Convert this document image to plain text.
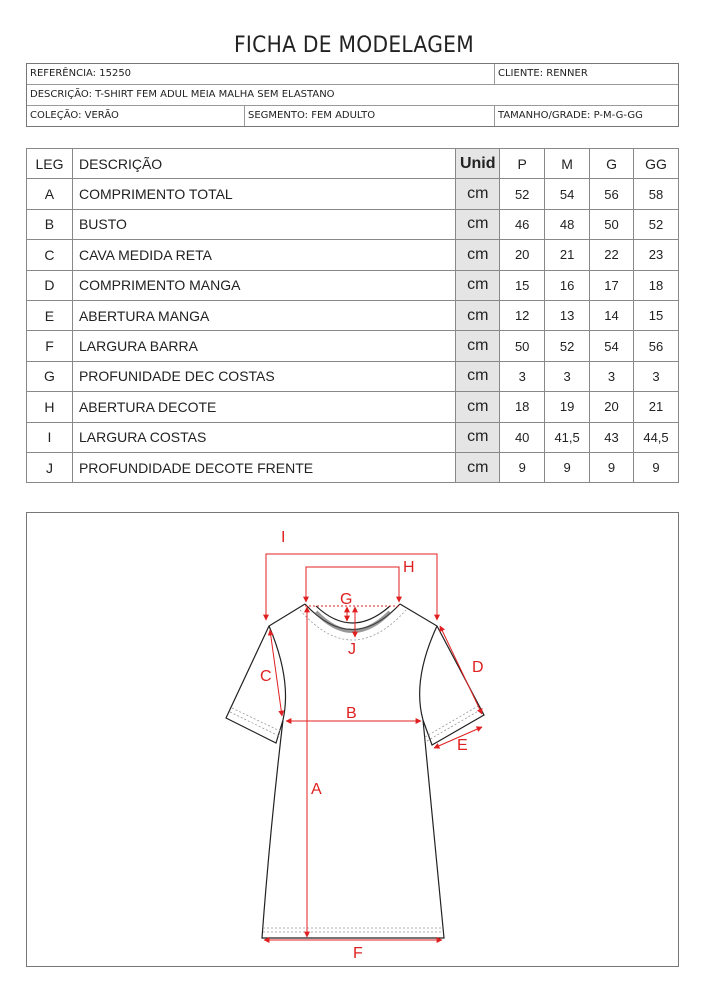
FICHA DE MODELAGEM
REFERÊNCIA: 15250	CLIENTE: RENNER
DESCRIÇÃO: T-SHIRT FEM ADUL MEIA MALHA SEM ELASTANO
COLEÇÃO: VERÃO	SEGMENTO: FEM ADULTO	TAMANHO/GRADE: P-M-G-GG
LEG	DESCRIÇÃO	Unid	P	M	G	GG
A	COMPRIMENTO TOTAL	cm	52	54	56	58
B	BUSTO	cm	46	48	50	52
C	CAVA MEDIDA RETA	cm	20	21	22	23
D	COMPRIMENTO MANGA	cm	15	16	17	18
E	ABERTURA MANGA	cm	12	13	14	15
F	LARGURA BARRA	cm	50	52	54	56
G	PROFUNIDADE DEC COSTAS	cm	3	3	3	3
H	ABERTURA DECOTE	cm	18	19	20	21
I	LARGURA COSTAS	cm	40	41,5	43	44,5
J	PROFUNDIDADE DECOTE FRENTE	cm	9	9	9	9
I
H
G
J
C
D
B
E
A
F
